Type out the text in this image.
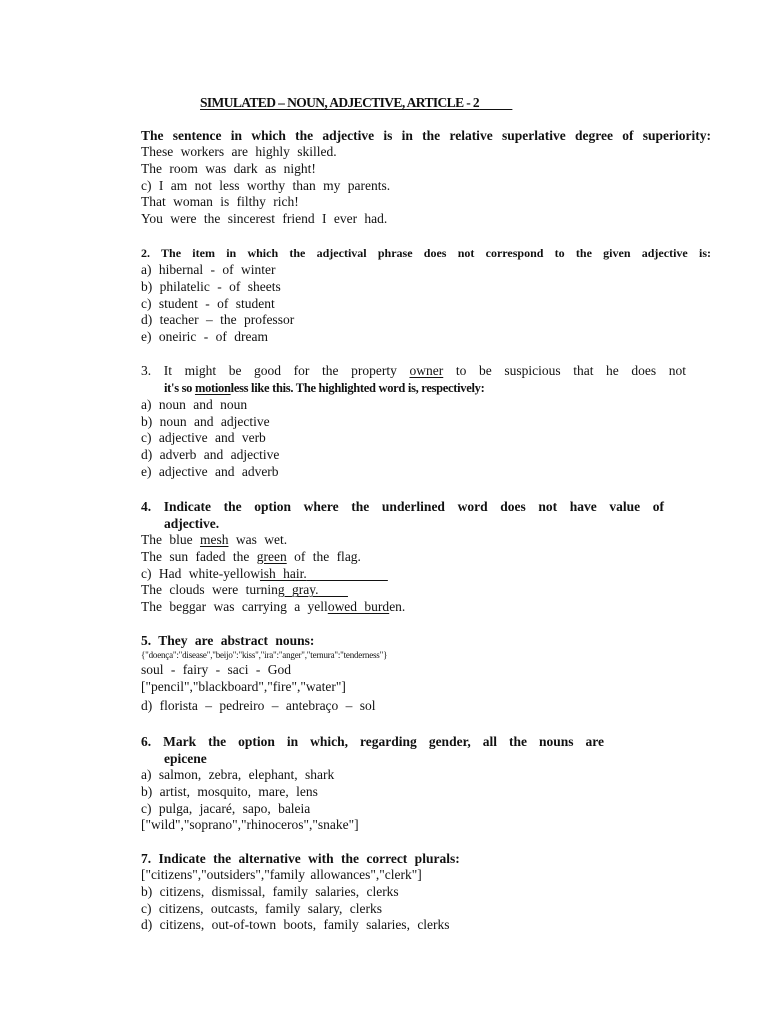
SIMULATED – NOUN, ADJECTIVE, ARTICLE - 2
The sentence in which the adjective is in the relative superlative degree of superiority:
These workers are highly skilled.
The room was dark as night!
c) I am not less worthy than my parents.
That woman is filthy rich!
You were the sincerest friend I ever had.
2. The item in which the adjectival phrase does not correspond to the given adjective is:
a) hibernal - of winter
b) philatelic - of sheets
c) student - of student
d) teacher – the professor
e) oneiric - of dream
3. It might be good for the property owner to be suspicious that he does not
it's so motionless like this. The highlighted word is, respectively:
a) noun and noun
b) noun and adjective
c) adjective and verb
d) adverb and adjective
e) adjective and adverb
4. Indicate the option where the underlined word does not have value of
adjective.
The blue mesh was wet.
The sun faded the green of the flag.
c) Had white-yellowish hair.
The clouds were turning gray.
The beggar was carrying a yellowed burden.
5. They are abstract nouns:
{"doença":"disease","beijo":"kiss","ira":"anger","ternura":"tenderness"}
soul - fairy - saci - God
["pencil","blackboard","fire","water"]
d) florista – pedreiro – antebraço – sol
6. Mark the option in which, regarding gender, all the nouns are
epicene
a) salmon, zebra, elephant, shark
b) artist, mosquito, mare, lens
c) pulga, jacaré, sapo, baleia
["wild","soprano","rhinoceros","snake"]
7. Indicate the alternative with the correct plurals:
["citizens","outsiders","family allowances","clerk"]
b) citizens, dismissal, family salaries, clerks
c) citizens, outcasts, family salary, clerks
d) citizens, out-of-town boots, family salaries, clerks
